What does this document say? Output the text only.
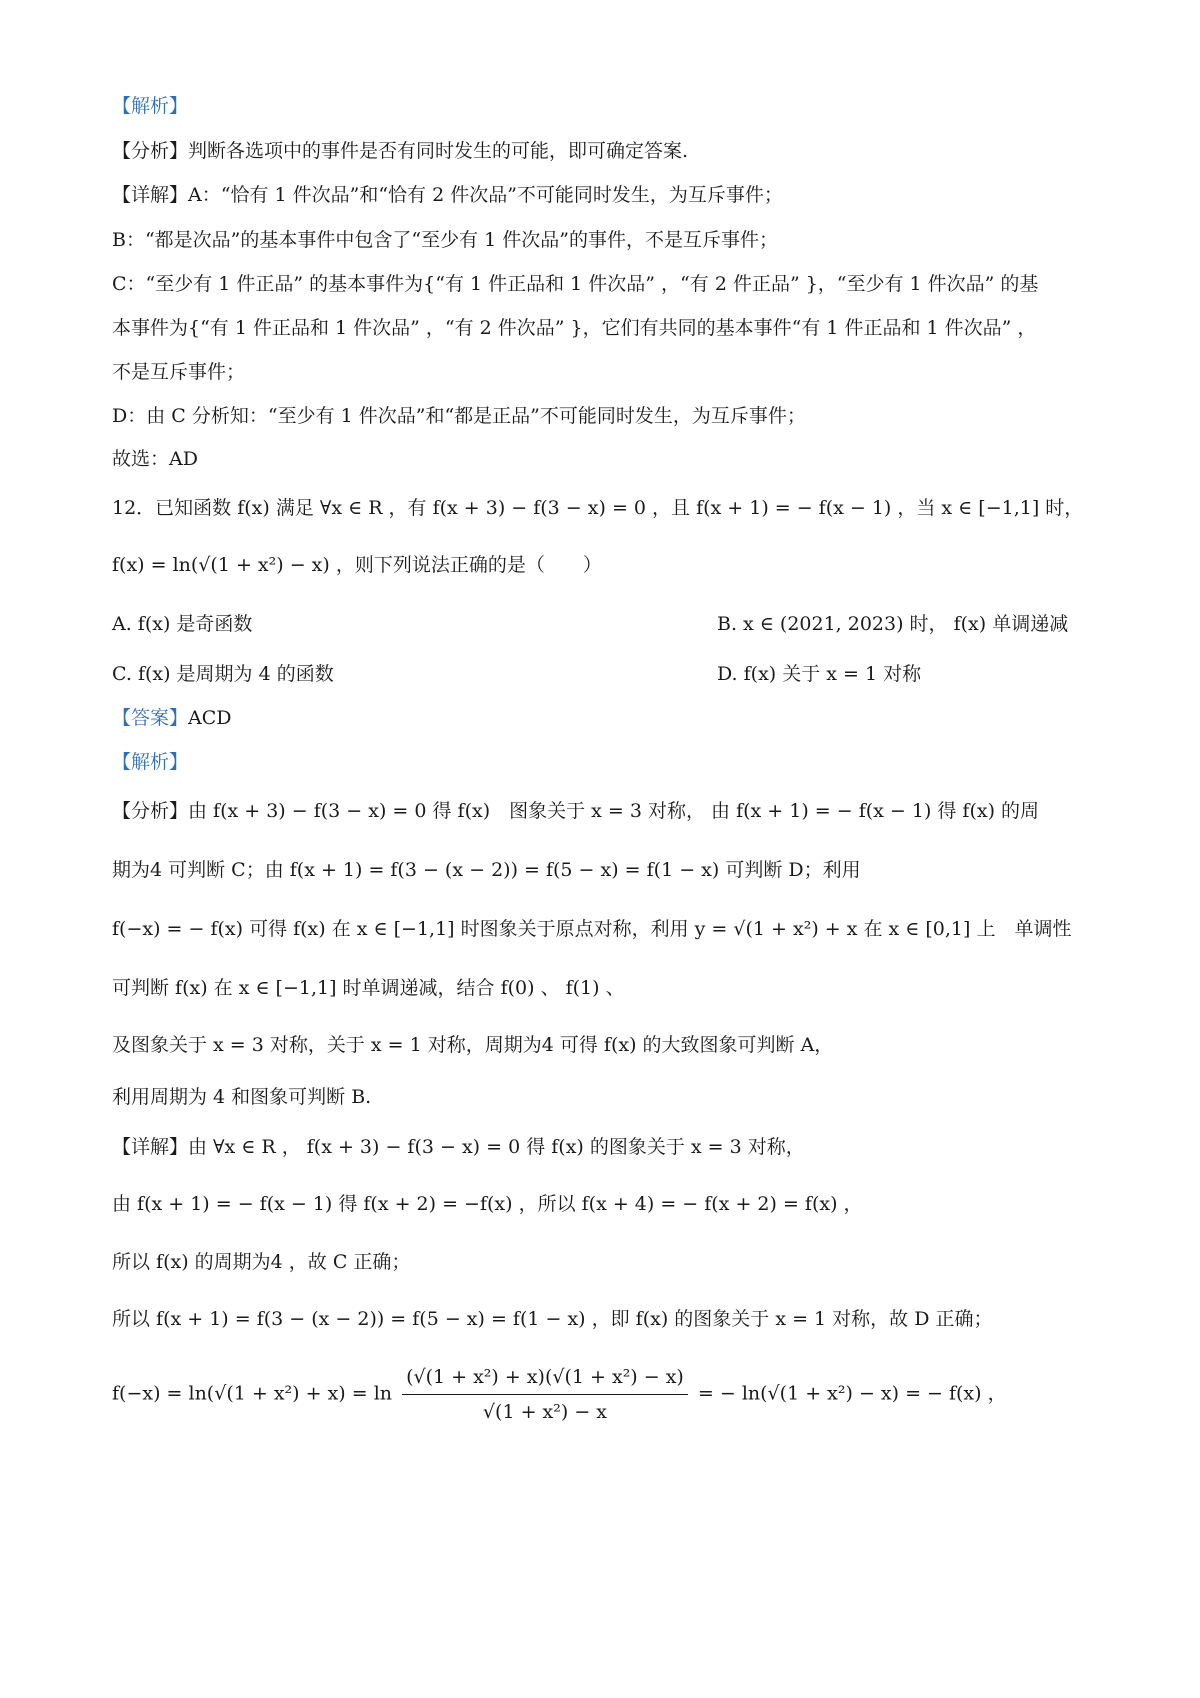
【解析】
【分析】判断各选项中的事件是否有同时发生的可能，即可确定答案.
【详解】A：“恰有 1 件次品”和“恰有 2 件次品”不可能同时发生，为互斥事件；
B：“都是次品”的基本事件中包含了“至少有 1 件次品”的事件，不是互斥事件；
C：“至少有 1 件正品” 的基本事件为{“有 1 件正品和 1 件次品” ，“有 2 件正品” }，“至少有 1 件次品” 的基
本事件为{“有 1 件正品和 1 件次品” ，“有 2 件次品” }，它们有共同的基本事件“有 1 件正品和 1 件次品” ，
不是互斥事件；
D：由 C 分析知：“至少有 1 件次品”和“都是正品”不可能同时发生，为互斥事件；
故选：AD
12．已知函数 f(x) 满足 ∀x ∈ R ，有 f(x + 3) − f(3 − x) = 0 ，且 f(x + 1) = − f(x − 1) ，当 x ∈ [−1,1] 时，
f(x) = ln(√(1 + x²) − x) ，则下列说法正确的是（　　）
A. f(x) 是奇函数	B. x ∈ (2021, 2023) 时， f(x) 单调递减
C. f(x) 是周期为 4 的函数	D. f(x) 关于 x = 1 对称
【答案】ACD
【解析】
【分析】由 f(x + 3) − f(3 − x) = 0 得 f(x)　图象关于 x = 3 对称， 由 f(x + 1) = − f(x − 1) 得 f(x) 的周
期为4 可判断 C；由 f(x + 1) = f(3 − (x − 2)) = f(5 − x) = f(1 − x) 可判断 D；利用
f(−x) = − f(x) 可得 f(x) 在 x ∈ [−1,1] 时图象关于原点对称，利用 y = √(1 + x²) + x 在 x ∈ [0,1] 上　单调性
可判断 f(x) 在 x ∈ [−1,1] 时单调递减，结合 f(0) 、 f(1) 、
及图象关于 x = 3 对称，关于 x = 1 对称，周期为4 可得 f(x) 的大致图象可判断 A，
利用周期为 4 和图象可判断 B.
【详解】由 ∀x ∈ R ， f(x + 3) − f(3 − x) = 0 得 f(x) 的图象关于 x = 3 对称，
由 f(x + 1) = − f(x − 1) 得 f(x + 2) = −f(x) ，所以 f(x + 4) = − f(x + 2) = f(x) ，
所以 f(x) 的周期为4 ，故 C 正确；
所以 f(x + 1) = f(3 − (x − 2)) = f(5 − x) = f(1 − x) ，即 f(x) 的图象关于 x = 1 对称，故 D 正确；
$f(-x) = \ln(√(1 + x^2) + x) = \ln \frac{\text{(√(1 + x²) + x)(√(1 + x²) − x)}}{\text{√(1 + x²) − x}}$ = − ln(√(1 + x²) − x) = − f(x) ，
